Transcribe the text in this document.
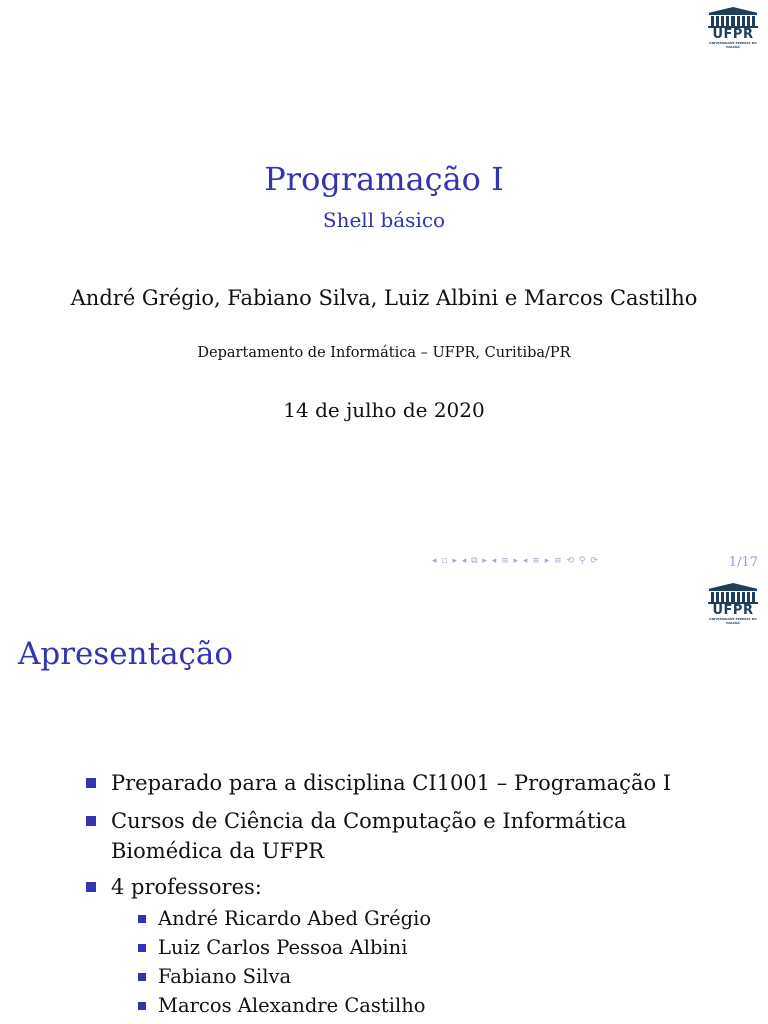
UFPR
UNIVERSIDADE FEDERAL DO PARANÁ
Programação I
Shell básico
André Grégio, Fabiano Silva, Luiz Albini e Marcos Castilho
Departamento de Informática – UFPR, Curitiba/PR
14 de julho de 2020
◂ ▫ ▸ ◂ ⧉ ▸ ◂ ≡ ▸ ◂ ≡ ▸ ≡ ⟲ ⚲ ⟳	1/17
UFPR
UNIVERSIDADE FEDERAL DO PARANÁ
Apresentação
Preparado para a disciplina CI1001 – Programação I
Cursos de Ciência da Computação e Informática
Biomédica da UFPR
4 professores:
André Ricardo Abed Grégio
Luiz Carlos Pessoa Albini
Fabiano Silva
Marcos Alexandre Castilho
